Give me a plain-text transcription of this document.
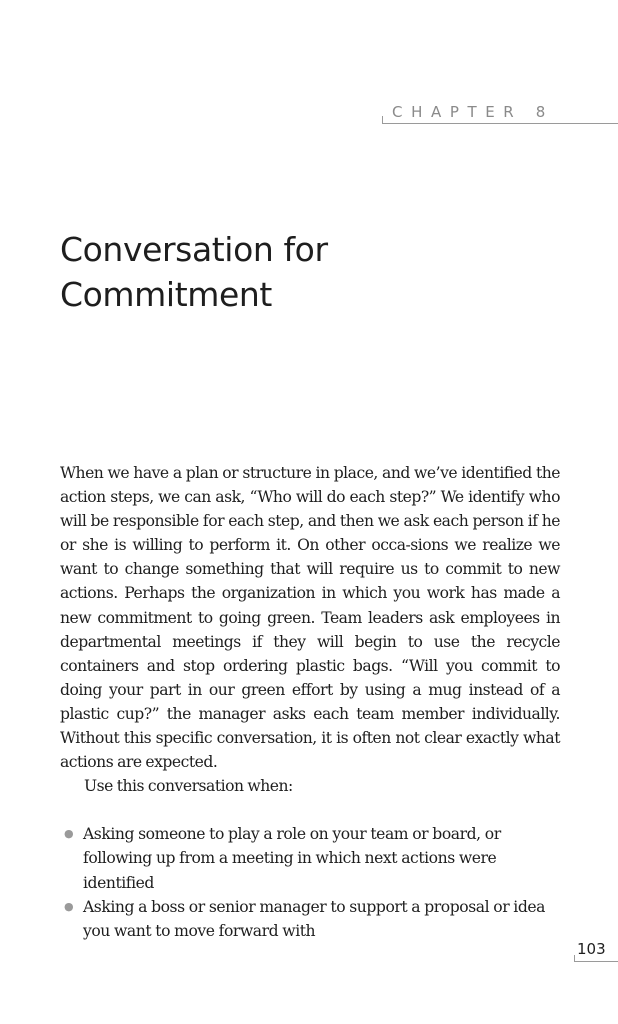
CHAPTER 8
Conversation for
Commitment

When we have a plan or structure in place, and we’ve identified the action steps, we can ask, “Who will do each step?” We identify who will be responsible for each step, and then we ask each person if he or she is willing to perform it. On other occa-sions we realize we want to change something that will require us to commit to new actions. Perhaps the organization in which you work has made a new commitment to going green. Team leaders ask employees in departmental meetings if they will begin to use the recycle containers and stop ordering plastic bags. “Will you commit to doing your part in our green effort by using a mug instead of a plastic cup?” the manager asks each team member individually. Without this specific conversation, it is often not clear exactly what actions are expected.

Use this conversation when:

● Asking someone to play a role on your team or board, or following up from a meeting in which next actions were identified
● Asking a boss or senior manager to support a proposal or idea you want to move forward with
103
